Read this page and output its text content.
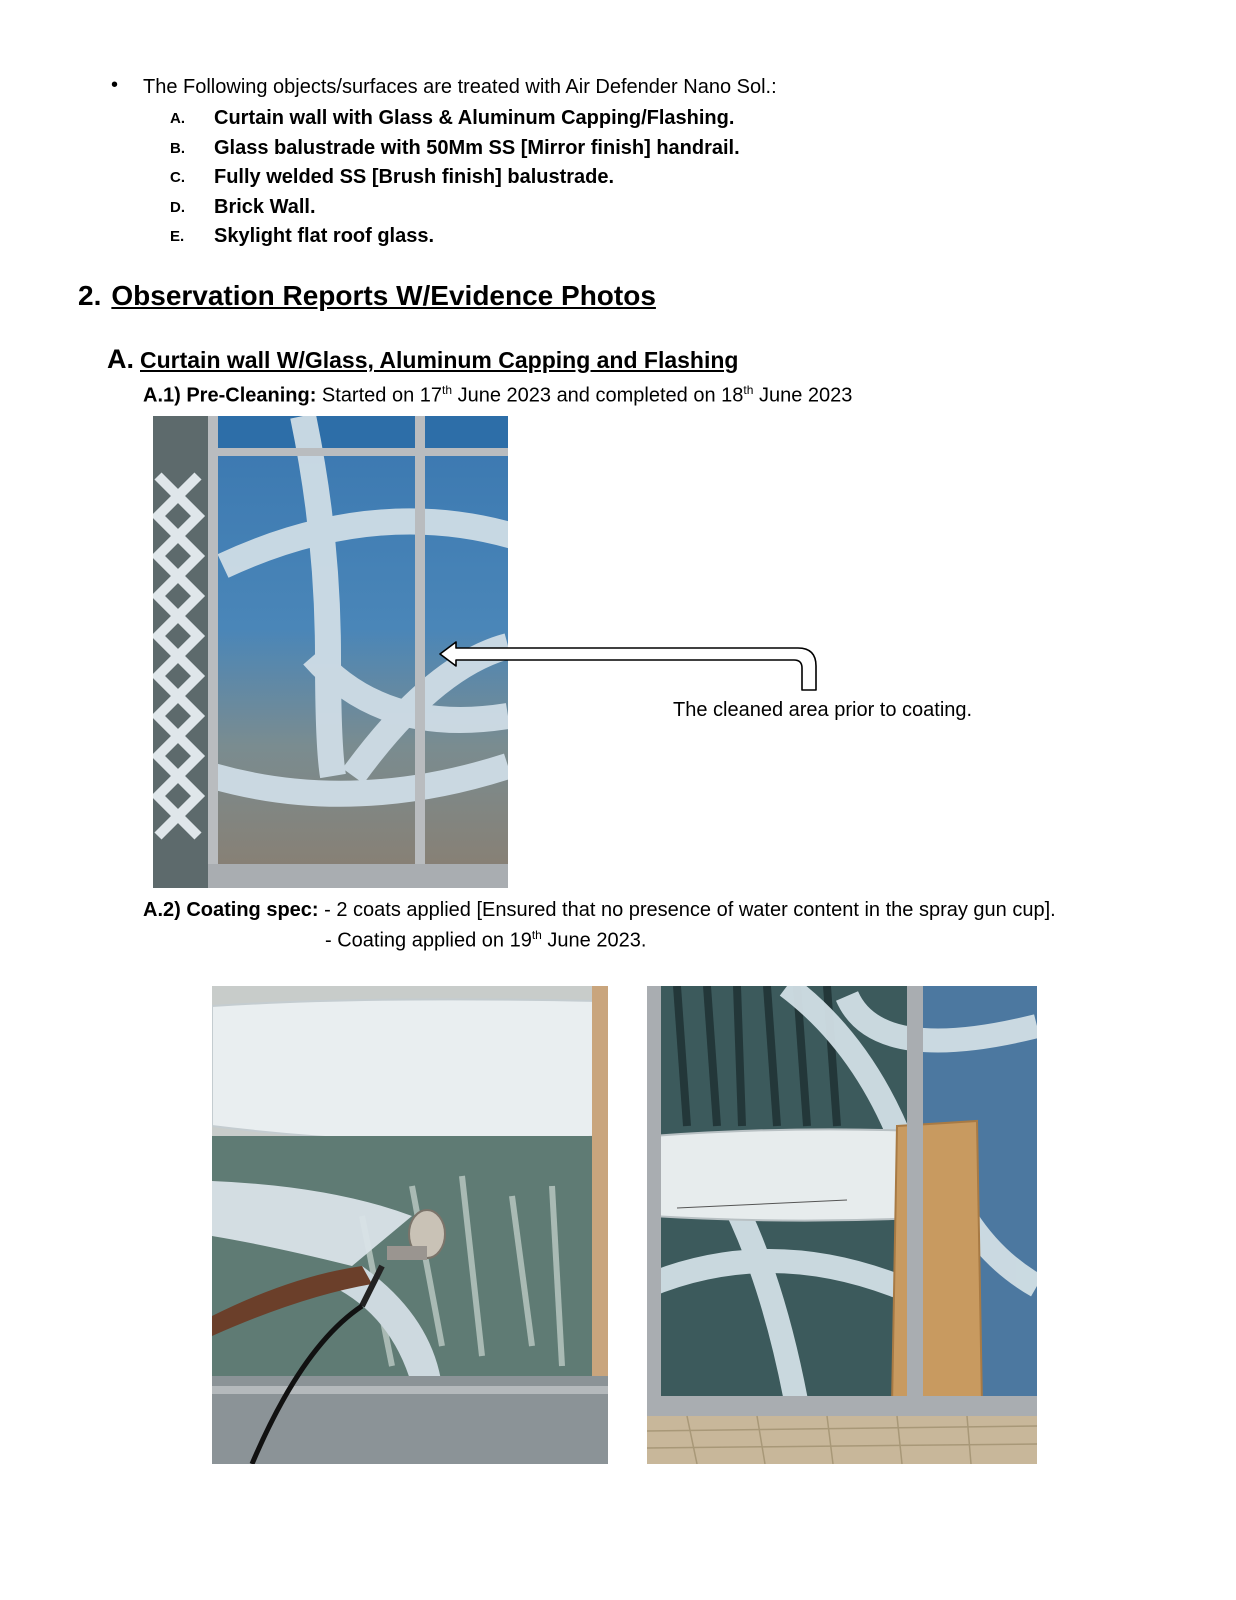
• The Following objects/surfaces are treated with Air Defender Nano Sol.:
A.	Curtain wall with Glass & Aluminum Capping/Flashing.
B.	Glass balustrade with 50Mm SS [Mirror finish] handrail.
C.	Fully welded SS [Brush finish] balustrade.
D.	Brick Wall.
E.	Skylight flat roof glass.
2. Observation Reports W/Evidence Photos
A. Curtain wall W/Glass, Aluminum Capping and Flashing
A.1) Pre-Cleaning: Started on 17th June 2023 and completed on 18th June 2023
The cleaned area prior to coating.
A.2) Coating spec: - 2 coats applied [Ensured that no presence of water content in the spray gun cup].
- Coating applied on 19th June 2023.
